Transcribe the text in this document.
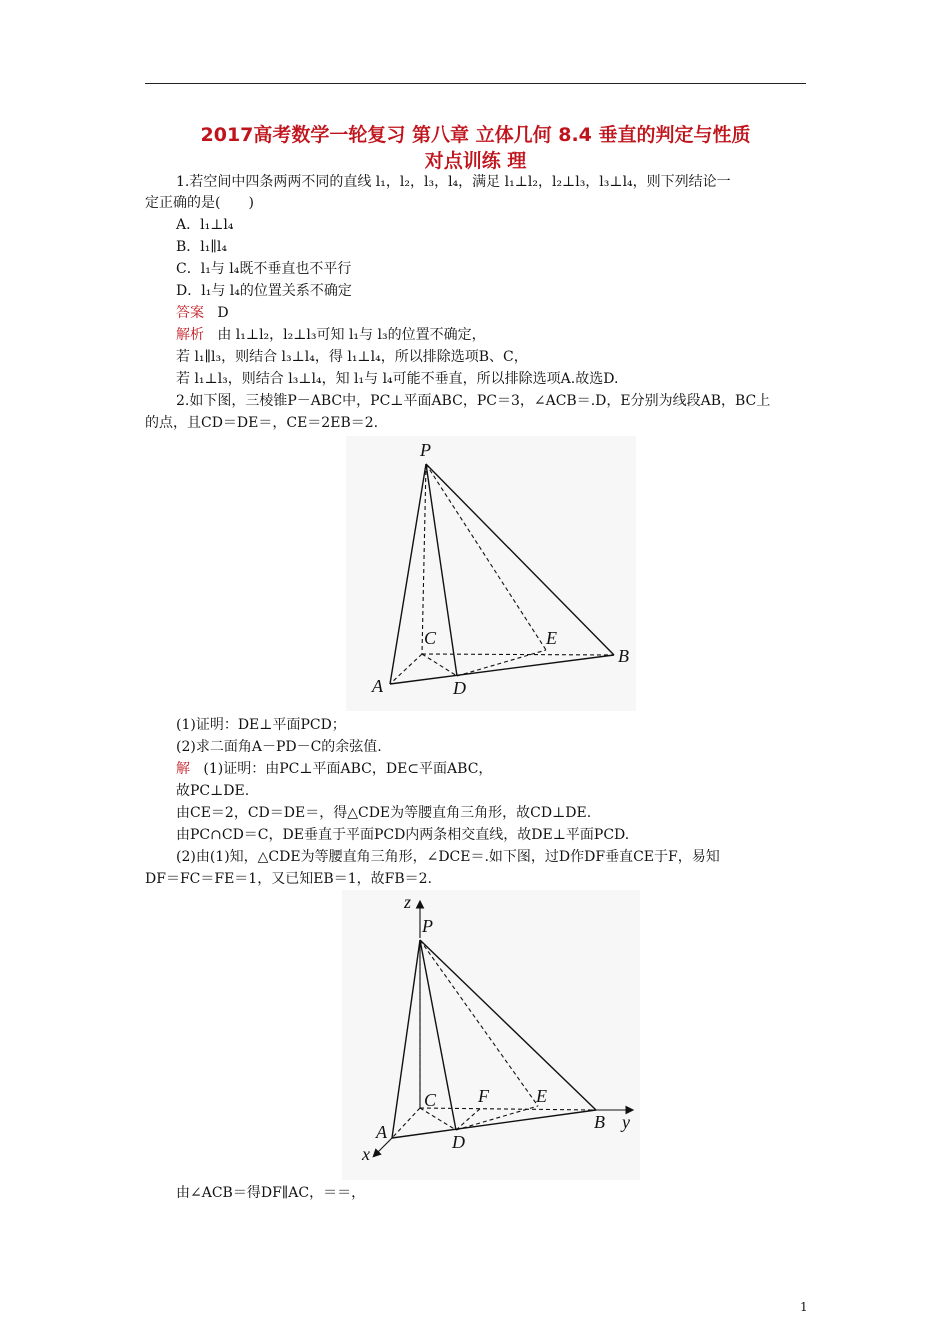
2017高考数学一轮复习 第八章 立体几何 8.4 垂直的判定与性质
对点训练 理
1.若空间中四条两两不同的直线 l₁，l₂，l₃，l₄，满足 l₁⊥l₂，l₂⊥l₃，l₃⊥l₄，则下列结论一
定正确的是(　　)
A．l₁⊥l₄
B．l₁∥l₄
C．l₁与 l₄既不垂直也不平行
D．l₁与 l₄的位置关系不确定
答案 D
解析 由 l₁⊥l₂，l₂⊥l₃可知 l₁与 l₃的位置不确定，
若 l₁∥l₃，则结合 l₃⊥l₄，得 l₁⊥l₄，所以排除选项B、C，
若 l₁⊥l₃，则结合 l₃⊥l₄，知 l₁与 l₄可能不垂直，所以排除选项A.故选D.
2.如下图，三棱锥P－ABC中，PC⊥平面ABC，PC＝3，∠ACB＝.D，E分别为线段AB，BC上
的点，且CD＝DE＝，CE＝2EB＝2.
P
A
B
C
D
E
(1)证明：DE⊥平面PCD；
(2)求二面角A－PD－C的余弦值.
解 (1)证明：由PC⊥平面ABC，DE⊂平面ABC，
故PC⊥DE.
由CE＝2，CD＝DE＝，得△CDE为等腰直角三角形，故CD⊥DE.
由PC∩CD＝C，DE垂直于平面PCD内两条相交直线，故DE⊥平面PCD.
(2)由(1)知，△CDE为等腰直角三角形，∠DCE＝.如下图，过D作DF垂直CE于F，易知
DF＝FC＝FE＝1，又已知EB＝1，故FB＝2.
P
A	B
C
D
E
F
x
y
z
由∠ACB＝得DF∥AC，＝＝，
1
